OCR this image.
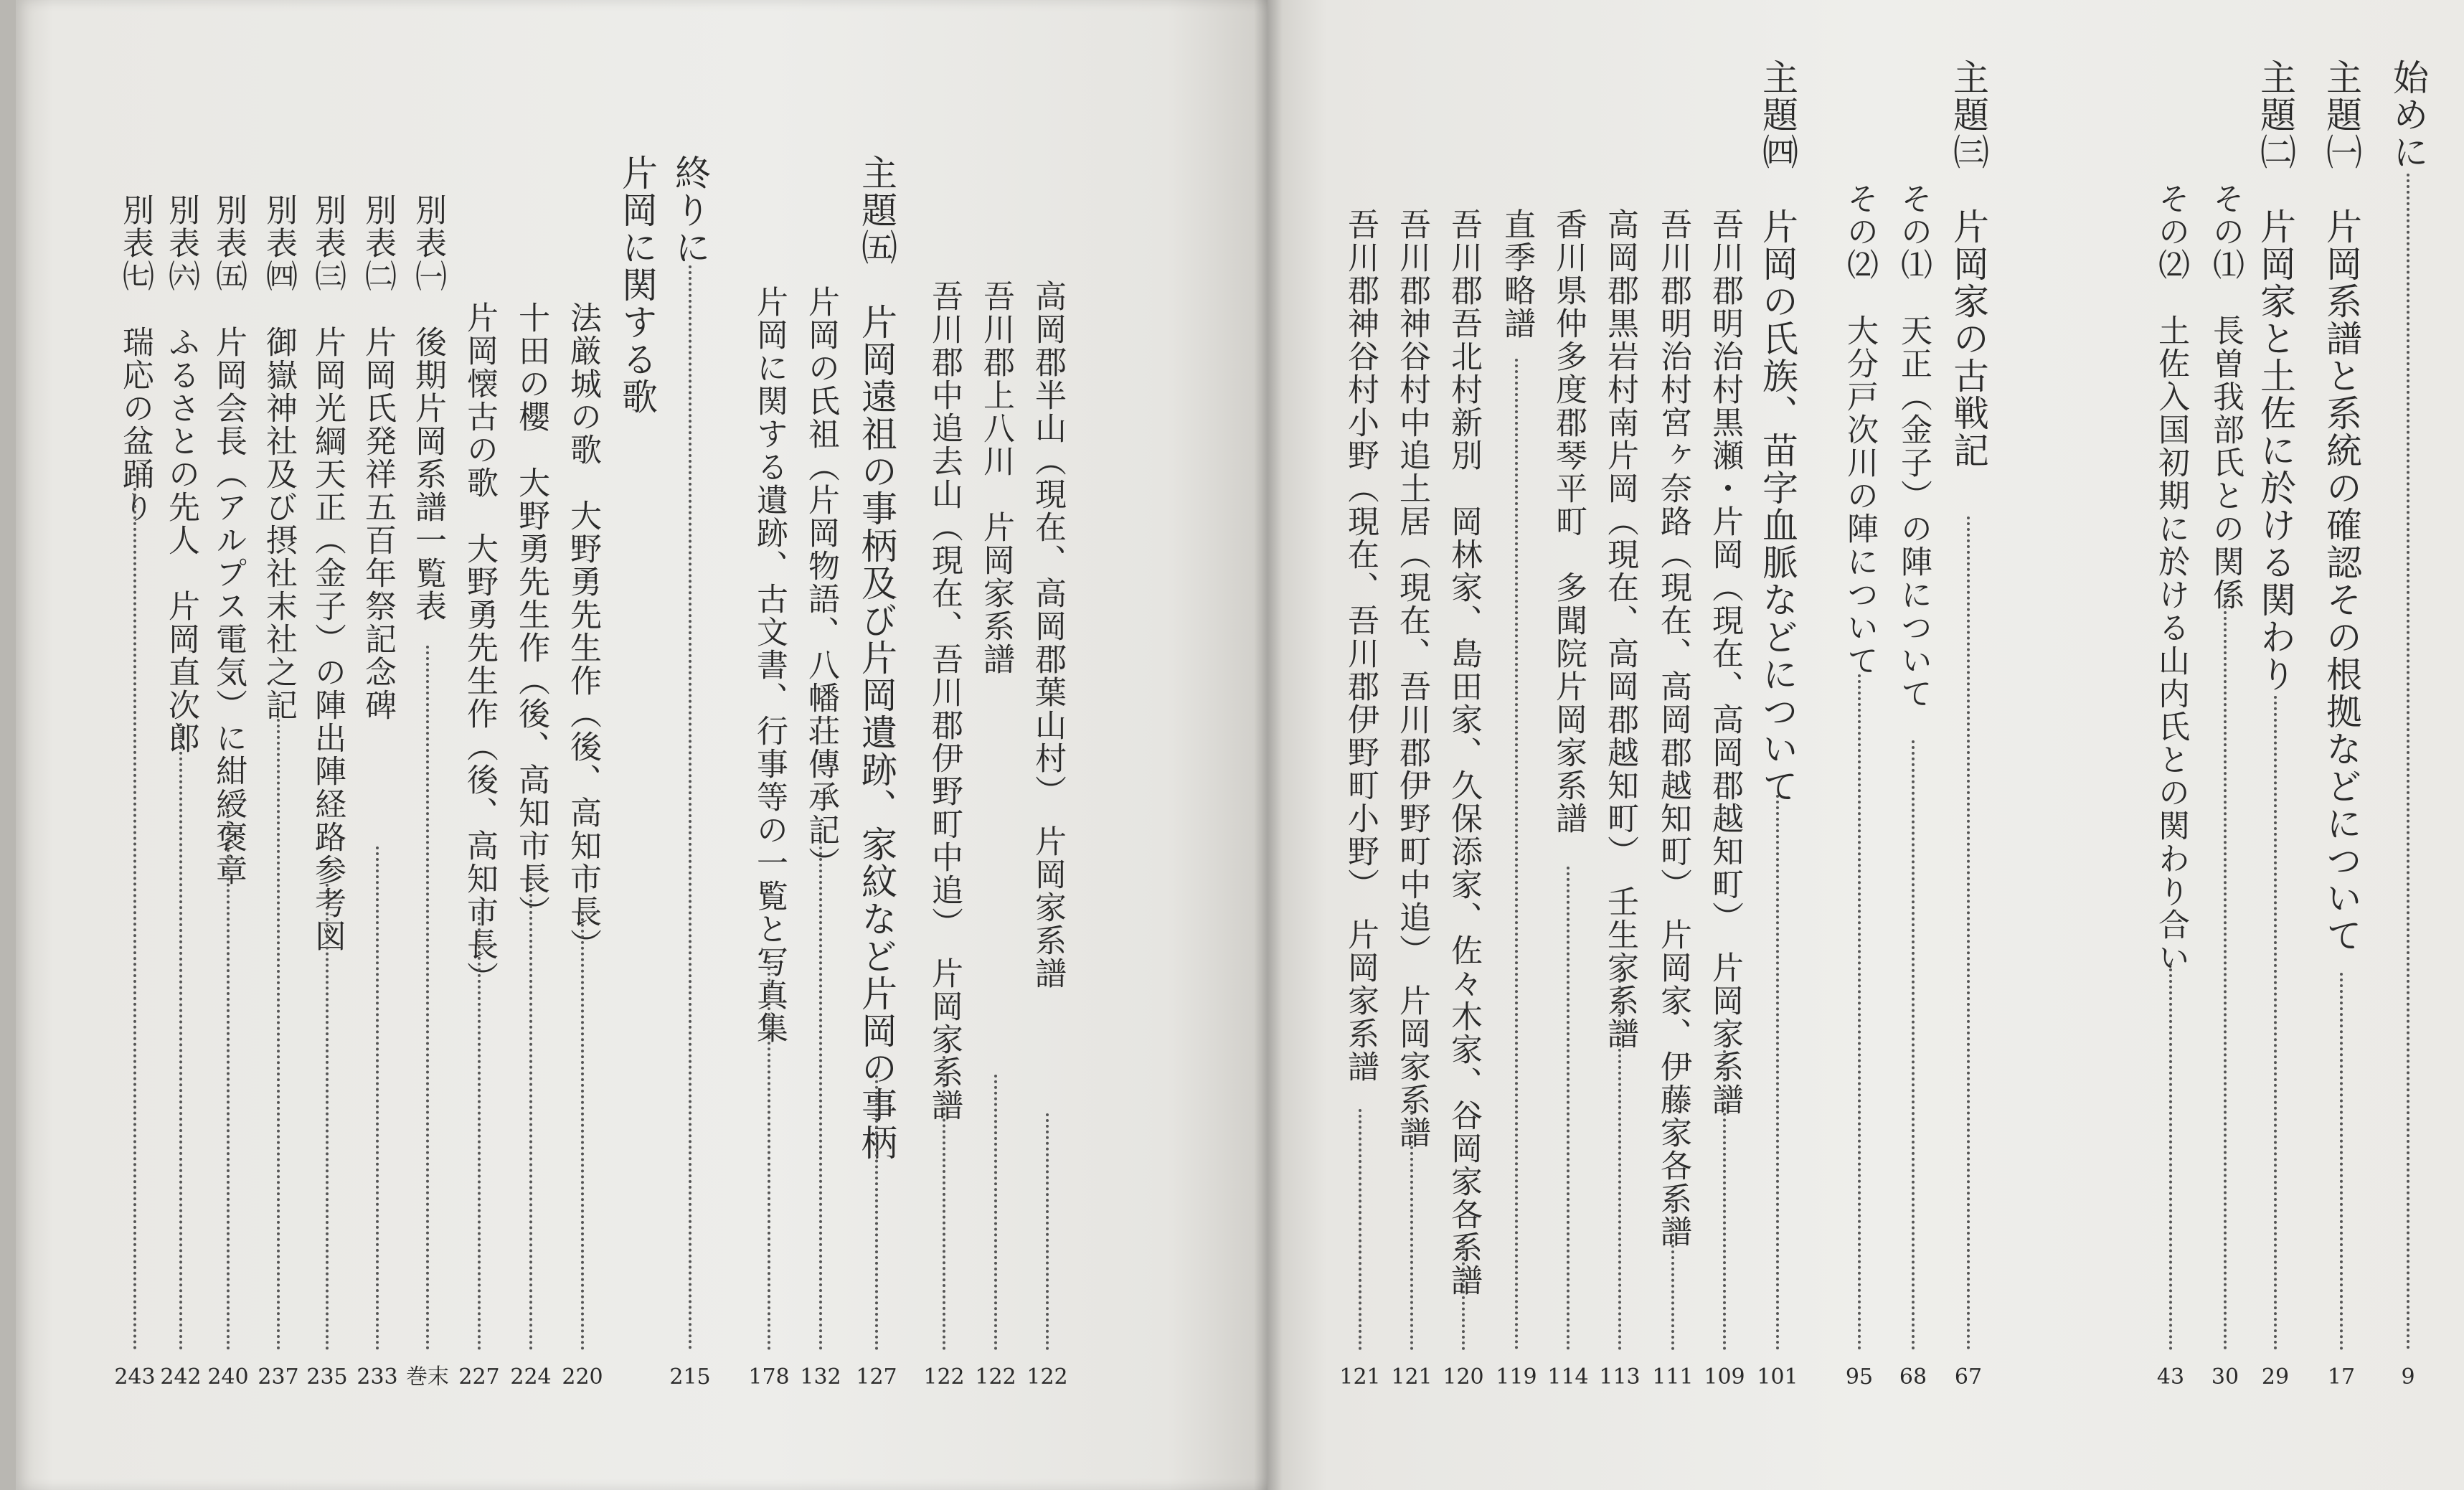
始めに
9
主題㈠　片岡系譜と系統の確認その根拠などについて
17
主題㈡　片岡家と土佐に於ける関わり
29
その⑴　長曽我部氏との関係
30
その⑵　土佐入国初期に於ける山内氏との関わり合い
43
主題㈢　片岡家の古戦記
67
その⑴　天正（金子）の陣について
68
その⑵　大分戸次川の陣について
95
主題㈣　片岡の氏族、苗字血脈などについて
101
吾川郡明治村黒瀬・片岡（現在、高岡郡越知町）　片岡家系譜
109
吾川郡明治村宮ヶ奈路（現在、高岡郡越知町）　片岡家、伊藤家各系譜
111
高岡郡黒岩村南片岡（現在、高岡郡越知町）　壬生家系譜
113
香川県仲多度郡琴平町　多聞院片岡家系譜
114
直季略譜
119
吾川郡吾北村新別　岡林家、島田家、久保添家、佐々木家、谷岡家各系譜
120
吾川郡神谷村中追土居（現在、吾川郡伊野町中追）　片岡家系譜
121
吾川郡神谷村小野（現在、吾川郡伊野町小野）　片岡家系譜
121
高岡郡半山（現在、高岡郡葉山村）　片岡家系譜
122
吾川郡上八川　片岡家系譜
122
吾川郡中追去山（現在、吾川郡伊野町中追）　片岡家系譜
122
主題㈤　片岡遠祖の事柄及び片岡遺跡、家紋など片岡の事柄
127
片岡の氏祖（片岡物語、八幡荘傳承記）
132
片岡に関する遺跡、古文書、行事等の一覧と写真集
178
終りに
215
片岡に関する歌
法厳城の歌　大野勇先生作（後、高知市長）
220
十田の櫻　大野勇先生作（後、高知市長）
224
片岡懐古の歌　大野勇先生作（後、高知市長）
227
別表㈠　後期片岡系譜一覧表
巻末
別表㈡　片岡氏発祥五百年祭記念碑
233
別表㈢　片岡光綱天正（金子）の陣出陣経路参考図
235
別表㈣　御嶽神社及び摂社末社之記
237
別表㈤　片岡会長（アルプス電気）に紺綬褒章
240
別表㈥　ふるさとの先人　片岡直次郎
242
別表㈦　瑞応の盆踊り
243
